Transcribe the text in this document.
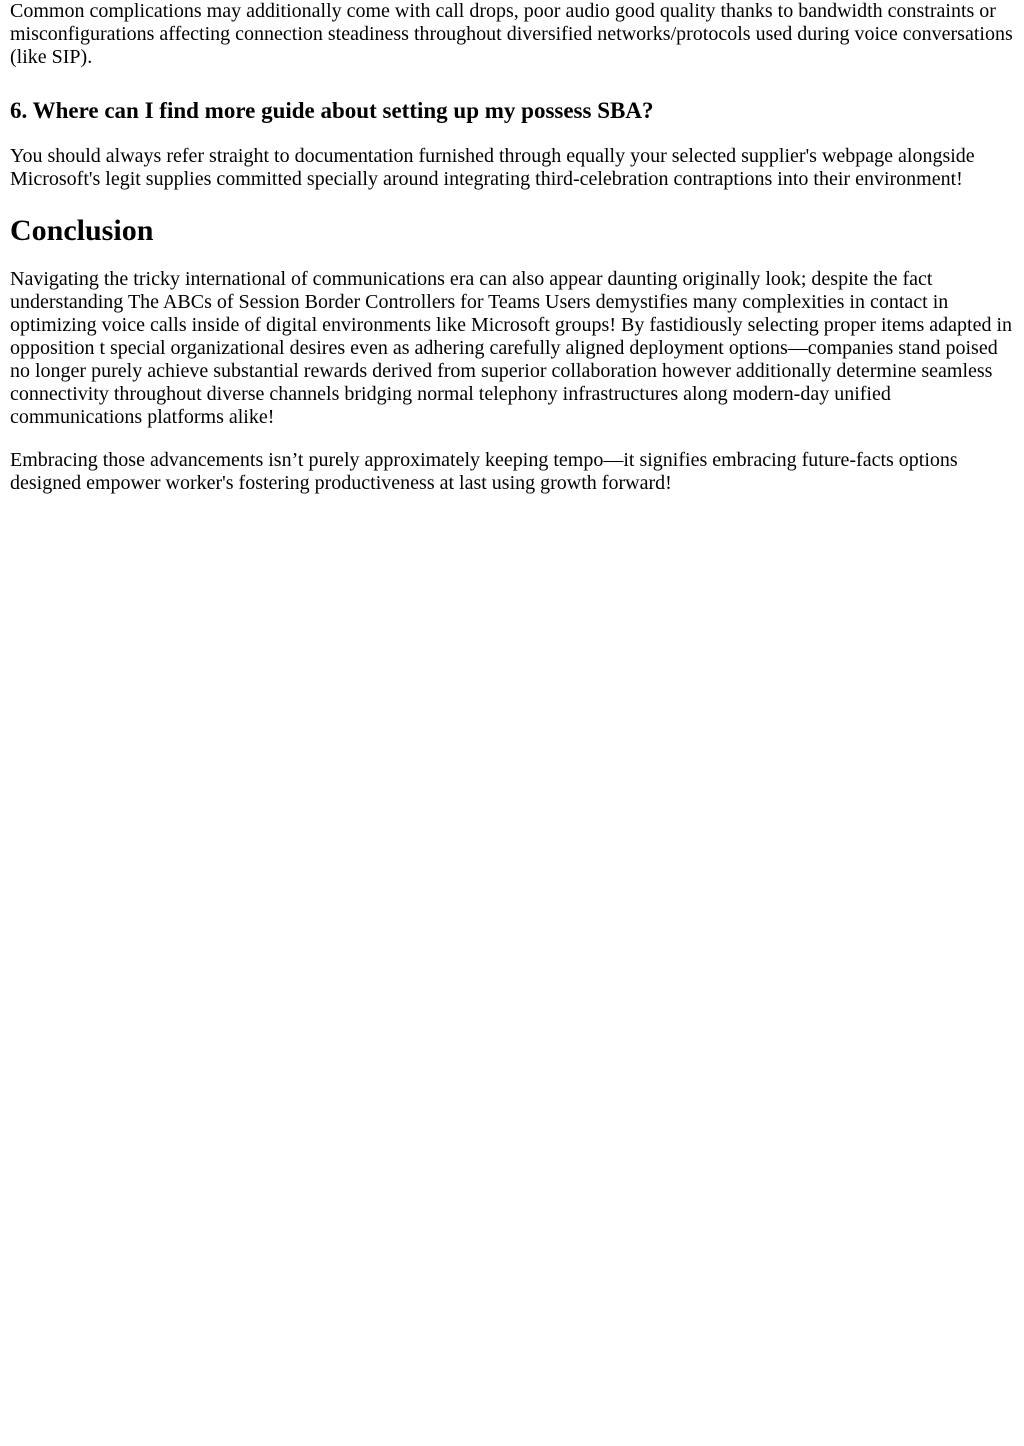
Common complications may additionally come with call drops, poor audio good quality thanks to bandwidth constraints or misconfigurations affecting connection steadiness throughout diversified networks/protocols used during voice conversations (like SIP).

6. Where can I find more guide about setting up my possess SBA?

You should always refer straight to documentation furnished through equally your selected supplier's webpage alongside Microsoft's legit supplies committed specially around integrating third-celebration contraptions into their environment!

Conclusion

Navigating the tricky international of communications era can also appear daunting originally look; despite the fact understanding The ABCs of Session Border Controllers for Teams Users demystifies many complexities in contact in optimizing voice calls inside of digital environments like Microsoft groups! By fastidiously selecting proper items adapted in opposition t special organizational desires even as adhering carefully aligned deployment options—companies stand poised no longer purely achieve substantial rewards derived from superior collaboration however additionally determine seamless connectivity throughout diverse channels bridging normal telephony infrastructures along modern-day unified communications platforms alike!

Embracing those advancements isn’t purely approximately keeping tempo—it signifies embracing future-facts options designed empower worker's fostering productiveness at last using growth forward!
